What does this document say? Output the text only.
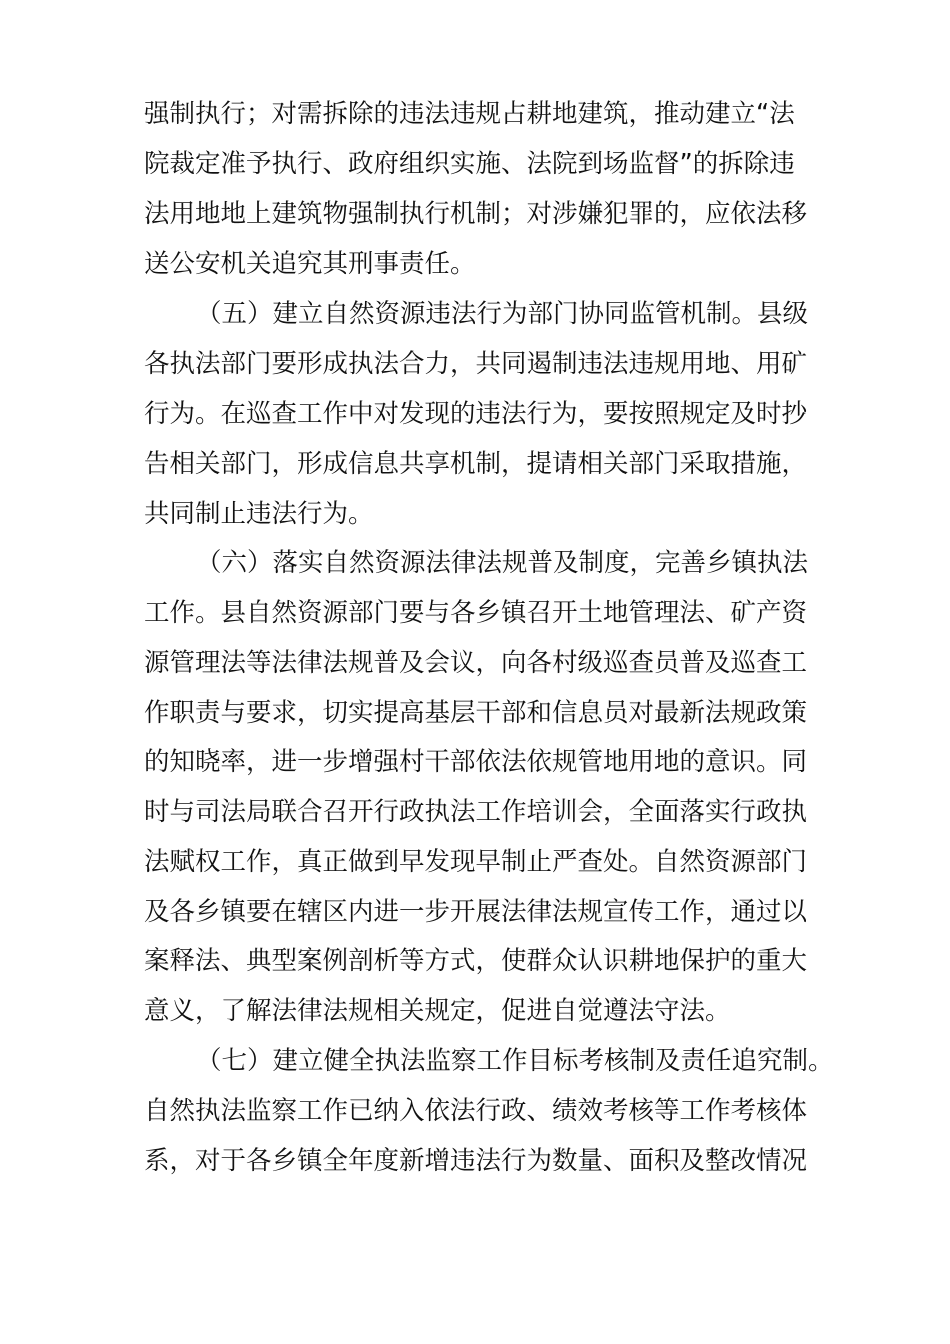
强制执行；对需拆除的违法违规占耕地建筑，推动建立“法
院裁定准予执行、政府组织实施、法院到场监督”的拆除违
法用地地上建筑物强制执行机制；对涉嫌犯罪的，应依法移
送公安机关追究其刑事责任。
（五）建立自然资源违法行为部门协同监管机制。县级
各执法部门要形成执法合力，共同遏制违法违规用地、用矿
行为。在巡查工作中对发现的违法行为，要按照规定及时抄
告相关部门，形成信息共享机制，提请相关部门采取措施，
共同制止违法行为。
（六）落实自然资源法律法规普及制度，完善乡镇执法
工作。县自然资源部门要与各乡镇召开土地管理法、矿产资
源管理法等法律法规普及会议，向各村级巡查员普及巡查工
作职责与要求，切实提高基层干部和信息员对最新法规政策
的知晓率，进一步增强村干部依法依规管地用地的意识。同
时与司法局联合召开行政执法工作培训会，全面落实行政执
法赋权工作，真正做到早发现早制止严查处。自然资源部门
及各乡镇要在辖区内进一步开展法律法规宣传工作，通过以
案释法、典型案例剖析等方式，使群众认识耕地保护的重大
意义，了解法律法规相关规定，促进自觉遵法守法。
（七）建立健全执法监察工作目标考核制及责任追究制。
自然执法监察工作已纳入依法行政、绩效考核等工作考核体
系，对于各乡镇全年度新增违法行为数量、面积及整改情况
